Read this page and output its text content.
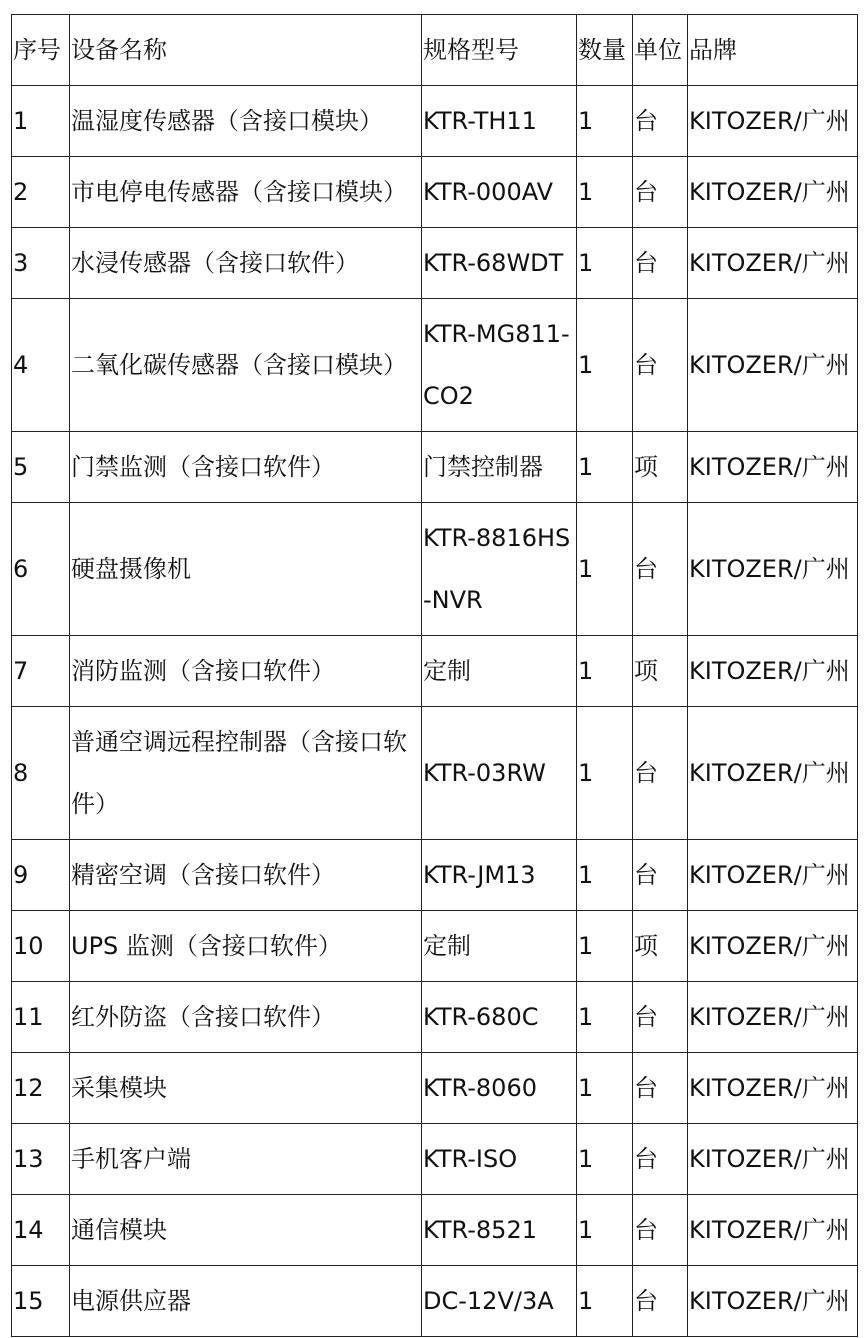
序号	设备名称	规格型号	数量	单位	品牌
1	温湿度传感器（含接口模块）	KTR-TH11	1	台	KITOZER/广州
2	市电停电传感器（含接口模块）	KTR-000AV	1	台	KITOZER/广州
3	水浸传感器（含接口软件）	KTR-68WDT	1	台	KITOZER/广州
4	二氧化碳传感器（含接口模块）	KTR-MG811-CO2	1	台	KITOZER/广州
5	门禁监测（含接口软件）	门禁控制器	1	项	KITOZER/广州
6	硬盘摄像机	KTR-8816HS-NVR	1	台	KITOZER/广州
7	消防监测（含接口软件）	定制	1	项	KITOZER/广州
8	普通空调远程控制器（含接口软件）	KTR-03RW	1	台	KITOZER/广州
9	精密空调（含接口软件）	KTR-JM13	1	台	KITOZER/广州
10	UPS 监测（含接口软件）	定制	1	项	KITOZER/广州
11	红外防盗（含接口软件）	KTR-680C	1	台	KITOZER/广州
12	采集模块	KTR-8060	1	台	KITOZER/广州
13	手机客户端	KTR-ISO	1	台	KITOZER/广州
14	通信模块	KTR-8521	1	台	KITOZER/广州
15	电源供应器	DC-12V/3A	1	台	KITOZER/广州
